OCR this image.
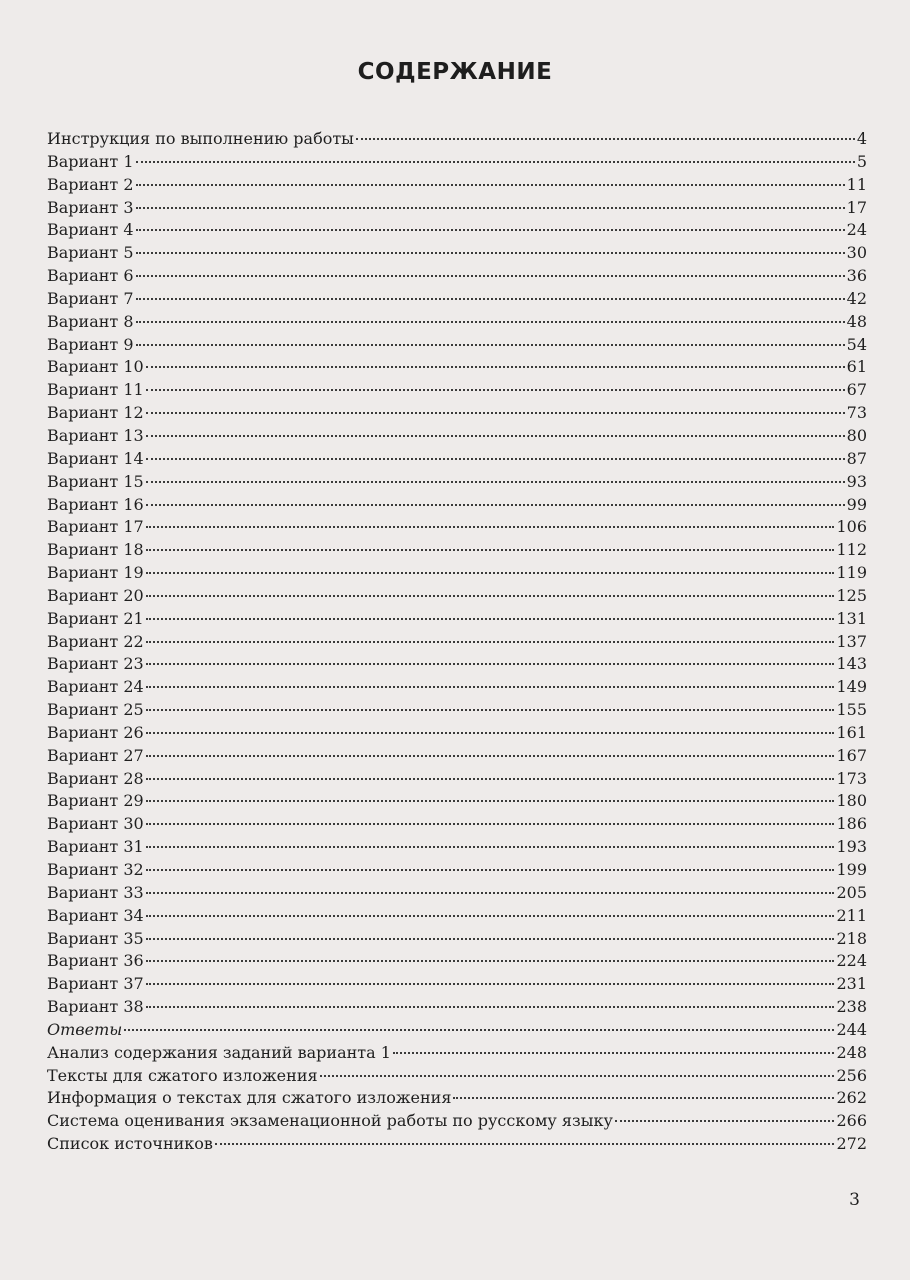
СОДЕРЖАНИЕ
Инструкция по выполнению работы	4
Вариант 1	5
Вариант 2	11
Вариант 3	17
Вариант 4	24
Вариант 5	30
Вариант 6	36
Вариант 7	42
Вариант 8	48
Вариант 9	54
Вариант 10	61
Вариант 11	67
Вариант 12	73
Вариант 13	80
Вариант 14	87
Вариант 15	93
Вариант 16	99
Вариант 17	106
Вариант 18	112
Вариант 19	119
Вариант 20	125
Вариант 21	131
Вариант 22	137
Вариант 23	143
Вариант 24	149
Вариант 25	155
Вариант 26	161
Вариант 27	167
Вариант 28	173
Вариант 29	180
Вариант 30	186
Вариант 31	193
Вариант 32	199
Вариант 33	205
Вариант 34	211
Вариант 35	218
Вариант 36	224
Вариант 37	231
Вариант 38	238
Ответы	244
Анализ содержания заданий варианта 1	248
Тексты для сжатого изложения	256
Информация о текстах для сжатого изложения	262
Система оценивания экзаменационной работы по русскому языку	266
Список источников	272
3
